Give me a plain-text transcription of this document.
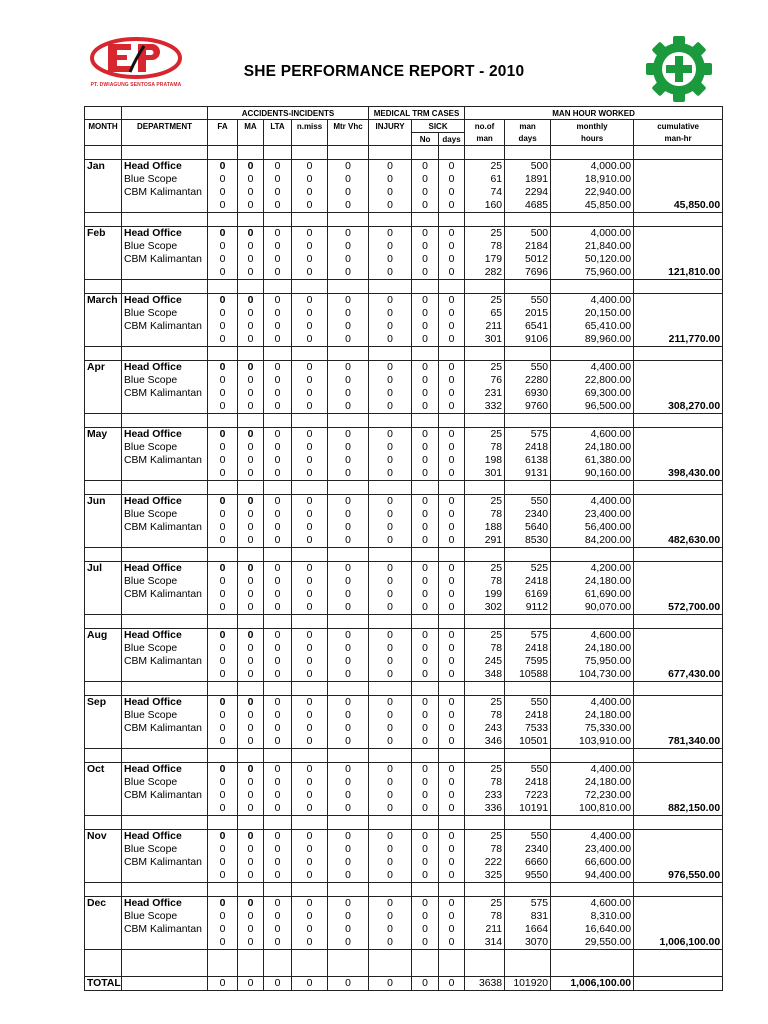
PT. DWIAGUNG SENTOSA PRATAMA
SHE PERFORMANCE REPORT - 2010
		ACCIDENTS-INCIDENTS					MEDICAL TRM CASES			MAN HOUR WORKED			
MONTH	DEPARTMENT	FA	MA	LTA	n.miss	Mtr Vhc	INJURY	SICK		no.of	man	monthly	cumulative
								No	days	man	days	hours	man-hr

Jan	Head Office	0	0	0	0	0	0	0	0	25	500	4,000.00	
	Blue Scope	0	0	0	0	0	0	0	0	61	1891	18,910.00	
	CBM Kalimantan	0	0	0	0	0	0	0	0	74	2294	22,940.00	
		0	0	0	0	0	0	0	0	160	4685	45,850.00	45,850.00

Feb	Head Office	0	0	0	0	0	0	0	0	25	500	4,000.00	
	Blue Scope	0	0	0	0	0	0	0	0	78	2184	21,840.00	
	CBM Kalimantan	0	0	0	0	0	0	0	0	179	5012	50,120.00	
		0	0	0	0	0	0	0	0	282	7696	75,960.00	121,810.00

March	Head Office	0	0	0	0	0	0	0	0	25	550	4,400.00	
	Blue Scope	0	0	0	0	0	0	0	0	65	2015	20,150.00	
	CBM Kalimantan	0	0	0	0	0	0	0	0	211	6541	65,410.00	
		0	0	0	0	0	0	0	0	301	9106	89,960.00	211,770.00

Apr	Head Office	0	0	0	0	0	0	0	0	25	550	4,400.00	
	Blue Scope	0	0	0	0	0	0	0	0	76	2280	22,800.00	
	CBM Kalimantan	0	0	0	0	0	0	0	0	231	6930	69,300.00	
		0	0	0	0	0	0	0	0	332	9760	96,500.00	308,270.00

May	Head Office	0	0	0	0	0	0	0	0	25	575	4,600.00	
	Blue Scope	0	0	0	0	0	0	0	0	78	2418	24,180.00	
	CBM Kalimantan	0	0	0	0	0	0	0	0	198	6138	61,380.00	
		0	0	0	0	0	0	0	0	301	9131	90,160.00	398,430.00

Jun	Head Office	0	0	0	0	0	0	0	0	25	550	4,400.00	
	Blue Scope	0	0	0	0	0	0	0	0	78	2340	23,400.00	
	CBM Kalimantan	0	0	0	0	0	0	0	0	188	5640	56,400.00	
		0	0	0	0	0	0	0	0	291	8530	84,200.00	482,630.00

Jul	Head Office	0	0	0	0	0	0	0	0	25	525	4,200.00	
	Blue Scope	0	0	0	0	0	0	0	0	78	2418	24,180.00	
	CBM Kalimantan	0	0	0	0	0	0	0	0	199	6169	61,690.00	
		0	0	0	0	0	0	0	0	302	9112	90,070.00	572,700.00

Aug	Head Office	0	0	0	0	0	0	0	0	25	575	4,600.00	
	Blue Scope	0	0	0	0	0	0	0	0	78	2418	24,180.00	
	CBM Kalimantan	0	0	0	0	0	0	0	0	245	7595	75,950.00	
		0	0	0	0	0	0	0	0	348	10588	104,730.00	677,430.00

Sep	Head Office	0	0	0	0	0	0	0	0	25	550	4,400.00	
	Blue Scope	0	0	0	0	0	0	0	0	78	2418	24,180.00	
	CBM Kalimantan	0	0	0	0	0	0	0	0	243	7533	75,330.00	
		0	0	0	0	0	0	0	0	346	10501	103,910.00	781,340.00

Oct	Head Office	0	0	0	0	0	0	0	0	25	550	4,400.00	
	Blue Scope	0	0	0	0	0	0	0	0	78	2418	24,180.00	
	CBM Kalimantan	0	0	0	0	0	0	0	0	233	7223	72,230.00	
		0	0	0	0	0	0	0	0	336	10191	100,810.00	882,150.00

Nov	Head Office	0	0	0	0	0	0	0	0	25	550	4,400.00	
	Blue Scope	0	0	0	0	0	0	0	0	78	2340	23,400.00	
	CBM Kalimantan	0	0	0	0	0	0	0	0	222	6660	66,600.00	
		0	0	0	0	0	0	0	0	325	9550	94,400.00	976,550.00

Dec	Head Office	0	0	0	0	0	0	0	0	25	575	4,600.00	
	Blue Scope	0	0	0	0	0	0	0	0	78	831	8,310.00	
	CBM Kalimantan	0	0	0	0	0	0	0	0	211	1664	16,640.00	
		0	0	0	0	0	0	0	0	314	3070	29,550.00	1,006,100.00

TOTAL		0	0	0	0	0	0	0	0	3638	101920	1,006,100.00	
